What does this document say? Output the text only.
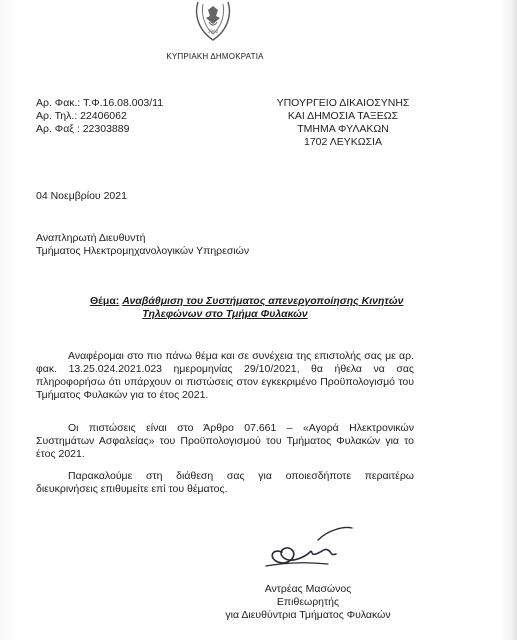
1960
ΚΥΠΡΙΑΚΗ ΔΗΜΟΚΡΑΤΙΑ
Αρ. Φακ.: Τ.Φ.16.08.003/11
Αρ. Τηλ.: 22406062
Αρ. Φαξ : 22303889
ΥΠΟΥΡΓΕΙΟ ΔΙΚΑΙΟΣΥΝΗΣ
ΚΑΙ ΔΗΜΟΣΙΑ ΤΑΞΕΩΣ
ΤΜΗΜΑ ΦΥΛΑΚΩΝ
1702 ΛΕΥΚΩΣΙΑ
04 Νοεμβρίου 2021
Αναπληρωτή Διευθυντή
Τμήματος Ηλεκτρομηχανολογικών Υπηρεσιών
Θέμα: Αναβάθμιση του Συστήματος απενεργοποίησης Κινητών
Τηλεφώνων στο Τμήμα Φυλακών
Αναφέρομαι στο πιο πάνω θέμα και σε συνέχεια της επιστολής σας με αρ. φακ. 13.25.024.2021.023 ημερομηνίας 29/10/2021, θα ήθελα να σας πληροφορήσω ότι υπάρχουν οι πιστώσεις στον εγκεκριμένο Προϋπολογισμό του Τμήματος Φυλακών για το έτος 2021.
Οι πιστώσεις είναι στο Άρθρο 07.661 – «Αγορά Ηλεκτρονικών Συστημάτων Ασφαλείας» του Προϋπολογισμού του Τμήματος Φυλακών για το έτος 2021.
Παρακαλούμε στη διάθεση σας για οποιεσδήποτε περαιτέρω διευκρινήσεις επιθυμείτε επί του θέματος.
Αντρέας Μασώνος
Επιθεωρητής
για Διευθύντρια Τμήματος Φυλακών
